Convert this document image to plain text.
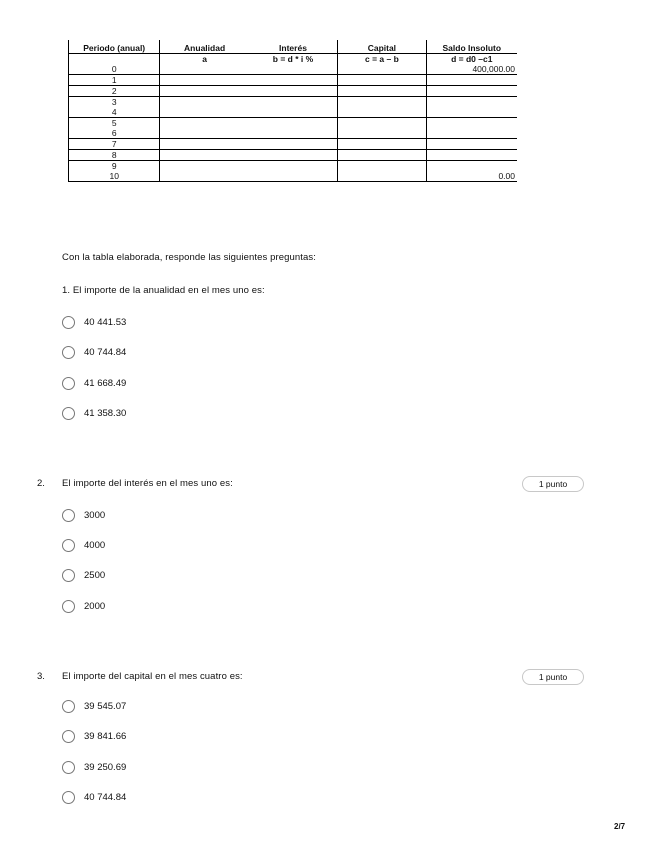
Periodo (anual)	Anualidad	Interés	Capital	Saldo Insoluto
	a	b = d * i %	c = a – b	d = d0 –c1
0				400,000.00
1				
2				
3				
4				
5				
6				
7				
8				
9				
10				0.00
Con la tabla elaborada, responde las siguientes preguntas:
1. El importe de la anualidad en el mes uno es:
40 441.53
40 744.84
41 668.49
41 358.30
2. El importe del interés en el mes uno es:	1 punto
3000
4000
2500
2000
3. El importe del capital en el mes cuatro es:	1 punto
39 545.07
39 841.66
39 250.69
40 744.84
2/7
